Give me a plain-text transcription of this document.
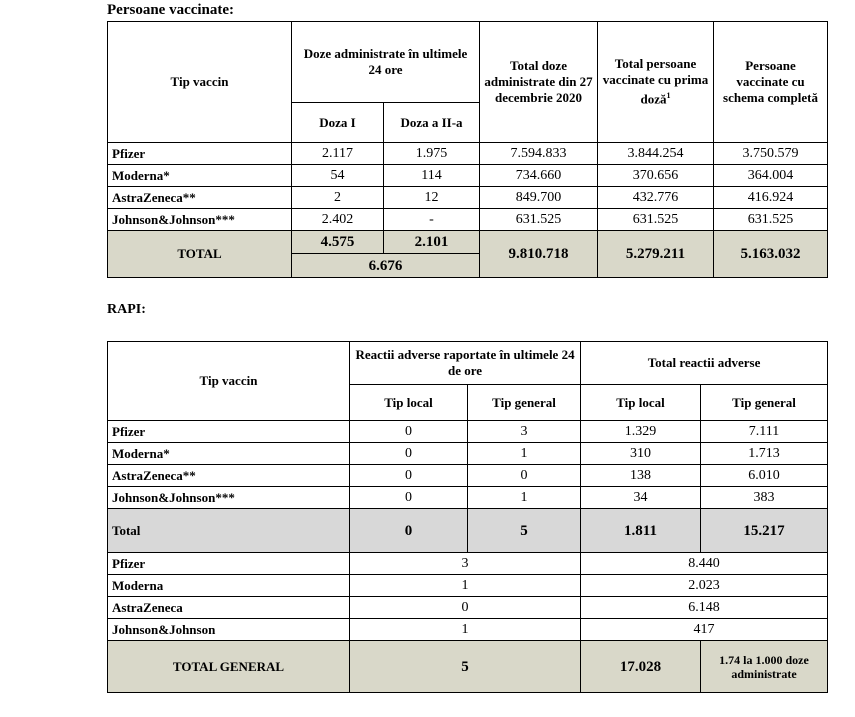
Persoane vaccinate:
Tip vaccin	Doze administrate în ultimele 24 ore		Total doze administrate din 27 decembrie 2020	Total persoane vaccinate cu prima doză$^1$	Persoane vaccinate cu schema completă
	Doza I	Doza a II-a			
Pfizer	2.117	1.975	7.594.833	3.844.254	3.750.579
Moderna*	54	114	734.660	370.656	364.004
AstraZeneca**	2	12	849.700	432.776	416.924
Johnson&Johnson***	2.402	-	631.525	631.525	631.525
TOTAL	4.575	2.101	9.810.718	5.279.211	5.163.032
	6.676				
RAPI:
Tip vaccin	Reactii adverse raportate în ultimele 24 de ore		Total reactii adverse	
	Tip local	Tip general	Tip local	Tip general
Pfizer	0	3	1.329	7.111
Moderna*	0	1	310	1.713
AstraZeneca**	0	0	138	6.010
Johnson&Johnson***	0	1	34	383
Total	0	5	1.811	15.217
Pfizer	3		8.440	
Moderna	1		2.023	
AstraZeneca	0		6.148	
Johnson&Johnson	1		417	
TOTAL GENERAL	5		17.028	1.74 la 1.000 doze administrate
